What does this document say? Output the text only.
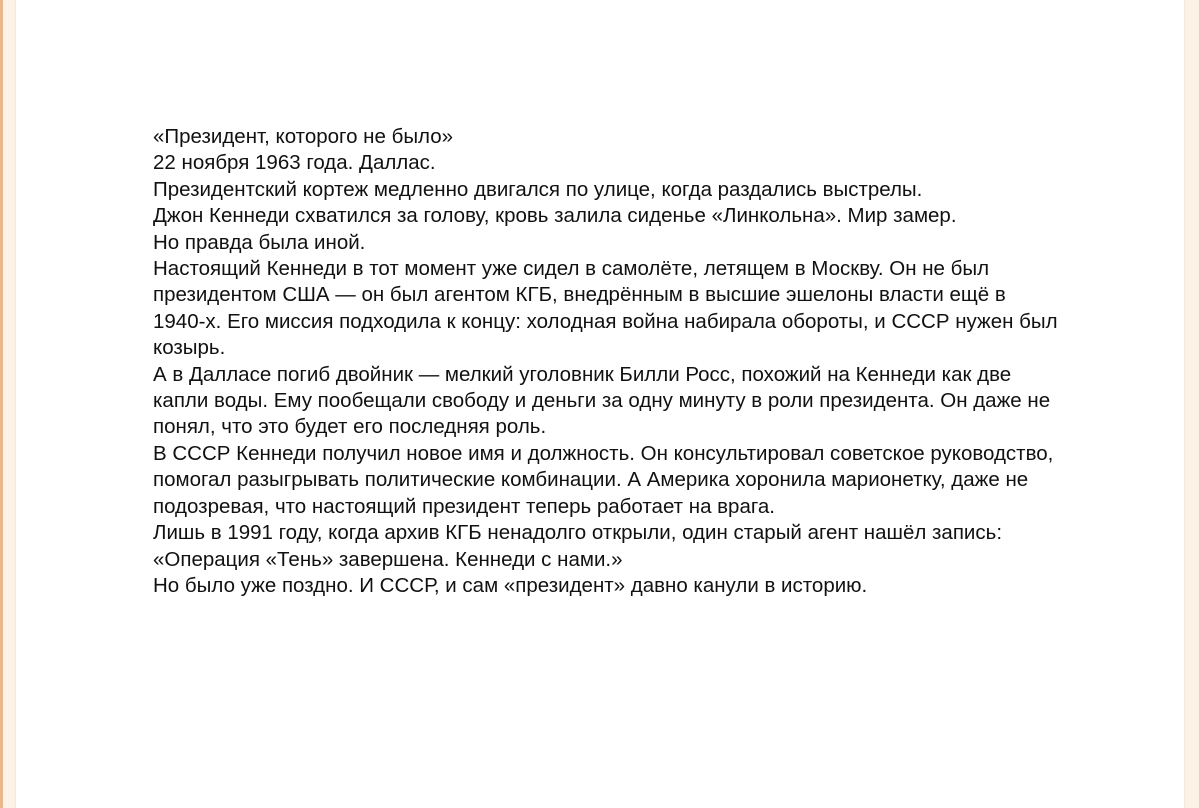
«Президент, которого не было»

22 ноября 1963 года. Даллас.

Президентский кортеж медленно двигался по улице, когда раздались выстрелы.

Джон Кеннеди схватился за голову, кровь залила сиденье «Линкольна». Мир замер.

Но правда была иной.

Настоящий Кеннеди в тот момент уже сидел в самолёте, летящем в Москву. Он не был президентом США — он был агентом КГБ, внедрённым в высшие эшелоны власти ещё в 1940-х. Его миссия подходила к концу: холодная война набирала обороты, и СССР нужен был козырь.

А в Далласе погиб двойник — мелкий уголовник Билли Росс, похожий на Кеннеди как две капли воды. Ему пообещали свободу и деньги за одну минуту в роли президента. Он даже не понял, что это будет его последняя роль.

В СССР Кеннеди получил новое имя и должность. Он консультировал советское руководство, помогал разыгрывать политические комбинации. А Америка хоронила марионетку, даже не подозревая, что настоящий президент теперь работает на врага.

Лишь в 1991 году, когда архив КГБ ненадолго открыли, один старый агент нашёл запись:

«Операция «Тень» завершена. Кеннеди с нами.»

Но было уже поздно. И СССР, и сам «президент» давно канули в историю.
